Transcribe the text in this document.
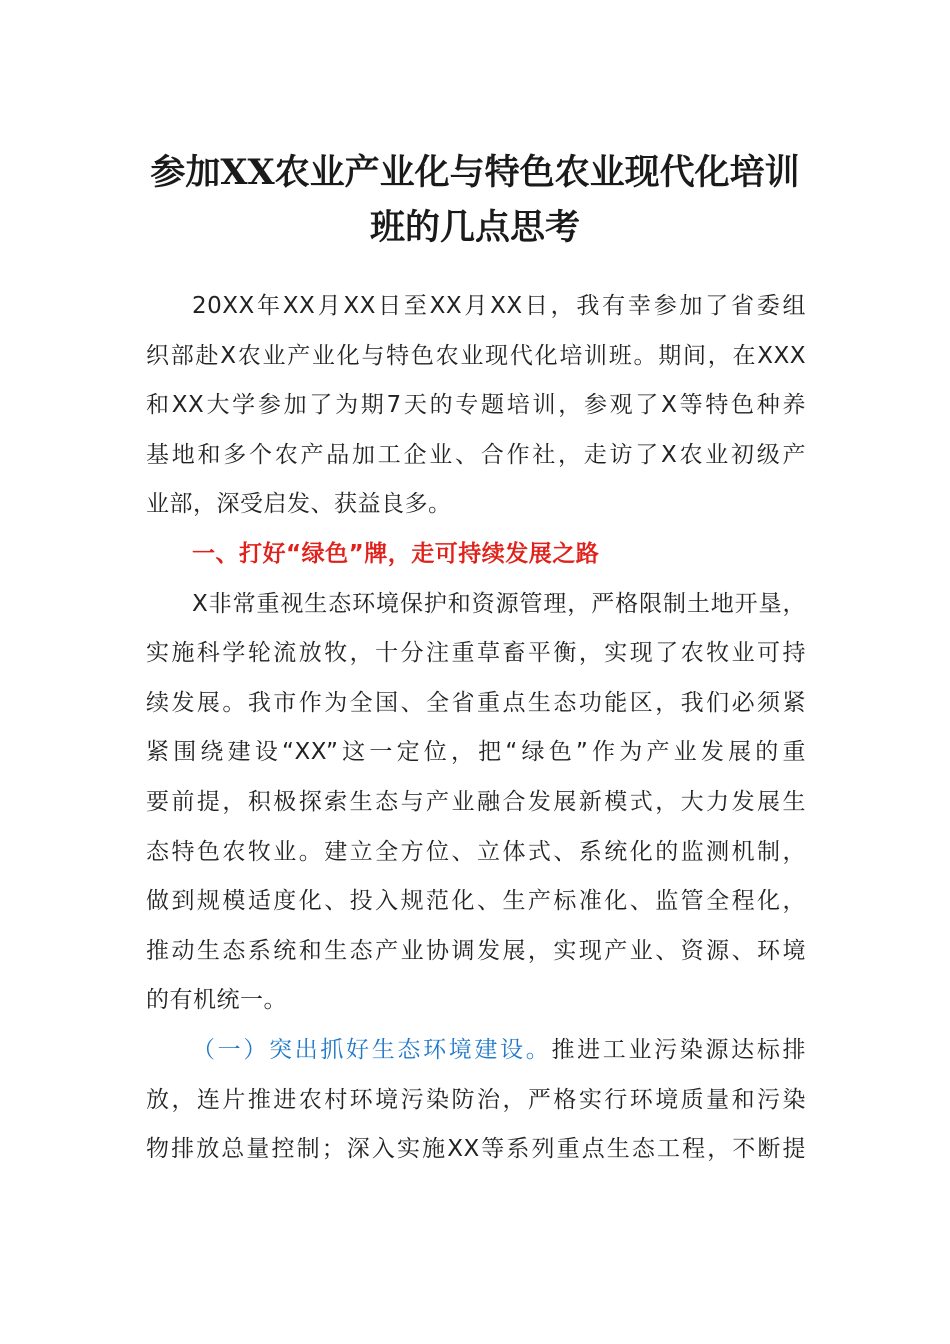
参加XX农业产业化与特色农业现代化培训
班的几点思考
20XX年XX月XX日至XX月XX日，我有幸参加了省委组
织部赴X农业产业化与特色农业现代化培训班。期间，在XXX
和XX大学参加了为期7天的专题培训，参观了X等特色种养
基地和多个农产品加工企业、合作社，走访了X农业初级产
业部，深受启发、获益良多。
一、打好“绿色”牌，走可持续发展之路
X非常重视生态环境保护和资源管理，严格限制土地开垦，
实施科学轮流放牧，十分注重草畜平衡，实现了农牧业可持
续发展。我市作为全国、全省重点生态功能区，我们必须紧
紧围绕建设“XX”这一定位，把“绿色”作为产业发展的重
要前提，积极探索生态与产业融合发展新模式，大力发展生
态特色农牧业。建立全方位、立体式、系统化的监测机制，
做到规模适度化、投入规范化、生产标准化、监管全程化，
推动生态系统和生态产业协调发展，实现产业、资源、环境
的有机统一。
（一）突出抓好生态环境建设。推进工业污染源达标排
放，连片推进农村环境污染防治，严格实行环境质量和污染
物排放总量控制；深入实施XX等系列重点生态工程，不断提
